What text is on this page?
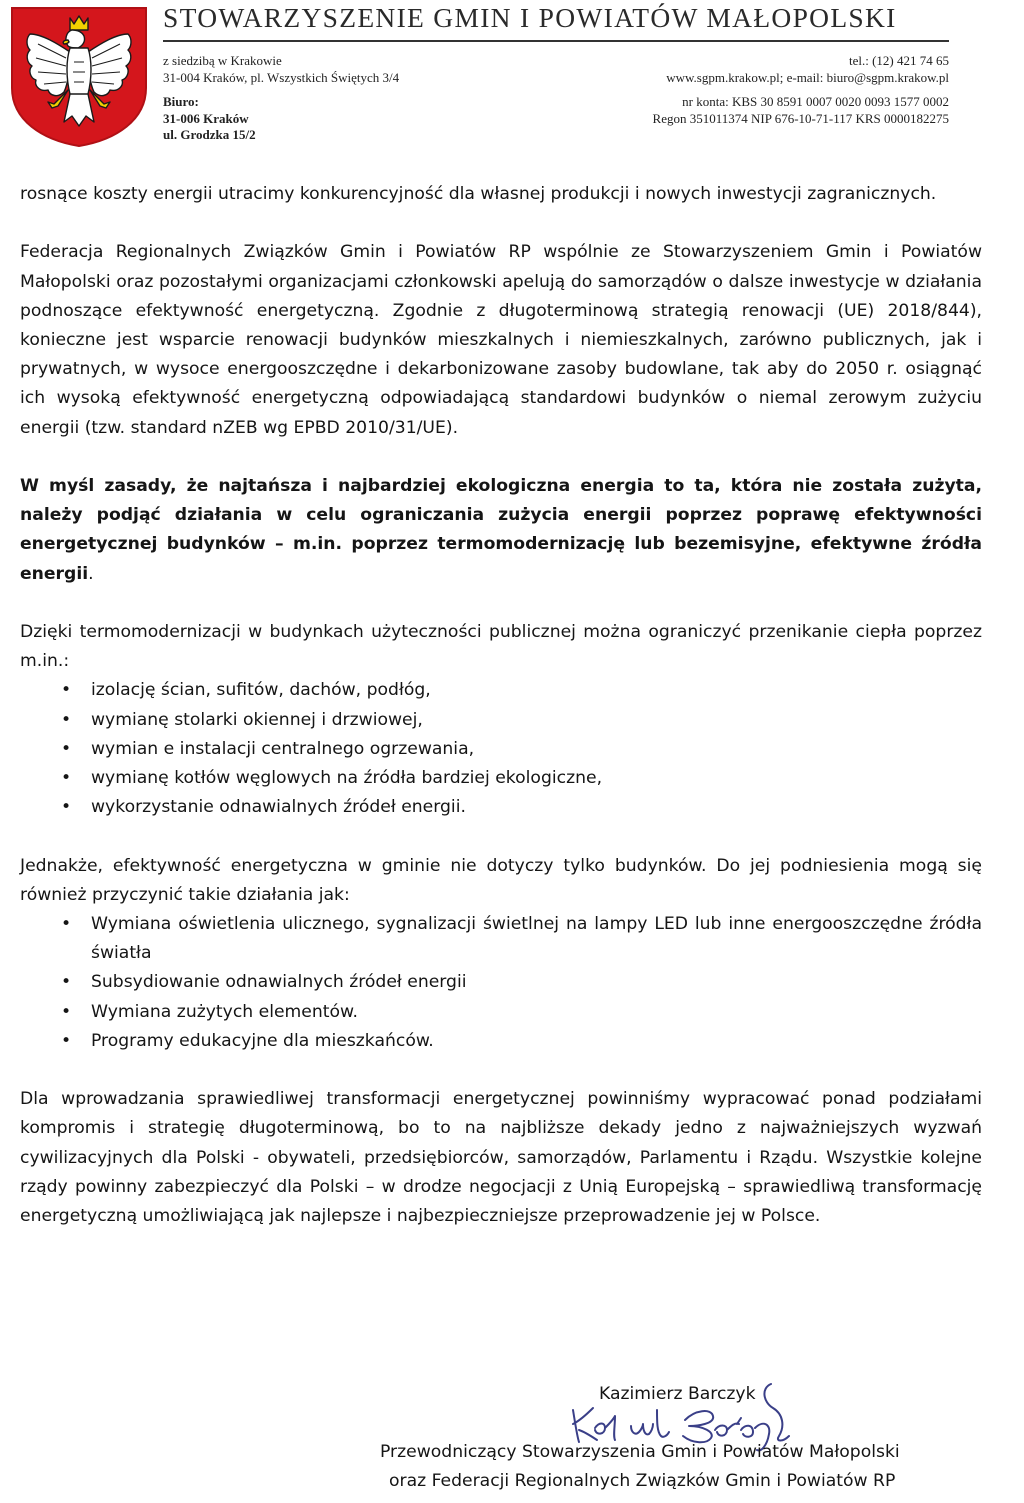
STOWARZYSZENIE GMIN I POWIATÓW MAŁOPOLSKI
z siedzibą w Krakowie
31-004 Kraków, pl. Wszystkich Świętych 3/4
Biuro:
31-006 Kraków
ul. Grodzka 15/2
tel.: (12) 421 74 65
www.sgpm.krakow.pl; e-mail: biuro@sgpm.krakow.pl
nr konta: KBS 30 8591 0007 0020 0093 1577 0002
Regon 351011374 NIP 676-10-71-117 KRS 0000182275

rosnące koszty energii utracimy konkurencyjność dla własnej produkcji i nowych inwestycji zagranicznych.

Federacja Regionalnych Związków Gmin i Powiatów RP wspólnie ze Stowarzyszeniem Gmin i Powiatów Małopolski oraz pozostałymi organizacjami członkowski apelują do samorządów o dalsze inwestycje w działania podnoszące efektywność energetyczną. Zgodnie z długoterminową strategią renowacji (UE) 2018/844), konieczne jest wsparcie renowacji budynków mieszkalnych i niemieszkalnych, zarówno publicznych, jak i prywatnych, w wysoce energooszczędne i dekarbonizowane zasoby budowlane, tak aby do 2050 r. osiągnąć ich wysoką efektywność energetyczną odpowiadającą standardowi budynków o niemal zerowym zużyciu energii (tzw. standard nZEB wg EPBD 2010/31/UE).

W myśl zasady, że najtańsza i najbardziej ekologiczna energia to ta, która nie została zużyta, należy podjąć działania w celu ograniczania zużycia energii poprzez poprawę efektywności energetycznej budynków – m.in. poprzez termomodernizację lub bezemisyjne, efektywne źródła energii.

Dzięki termomodernizacji w budynkach użyteczności publicznej można ograniczyć przenikanie ciepła poprzez m.in.:

• izolację ścian, sufitów, dachów, podłóg,
• wymianę stolarki okiennej i drzwiowej,
• wymian e instalacji centralnego ogrzewania,
• wymianę kotłów węglowych na źródła bardziej ekologiczne,
• wykorzystanie odnawialnych źródeł energii.

Jednakże, efektywność energetyczna w gminie nie dotyczy tylko budynków. Do jej podniesienia mogą się również przyczynić takie działania jak:

• Wymiana oświetlenia ulicznego, sygnalizacji świetlnej na lampy LED lub inne energooszczędne źródła światła
• Subsydiowanie odnawialnych źródeł energii
• Wymiana zużytych elementów.
• Programy edukacyjne dla mieszkańców.

Dla wprowadzania sprawiedliwej transformacji energetycznej powinniśmy wypracować ponad podziałami kompromis i strategię długoterminową, bo to na najbliższe dekady jedno z najważniejszych wyzwań cywilizacyjnych dla Polski - obywateli, przedsiębiorców, samorządów, Parlamentu i Rządu. Wszystkie kolejne rządy powinny zabezpieczyć dla Polski – w drodze negocjacji z Unią Europejską – sprawiedliwą transformację energetyczną umożliwiającą jak najlepsze i najbezpieczniejsze przeprowadzenie jej w Polsce.

Kazimierz Barczyk
Przewodniczący Stowarzyszenia Gmin i Powiatów Małopolski
oraz Federacji Regionalnych Związków Gmin i Powiatów RP
